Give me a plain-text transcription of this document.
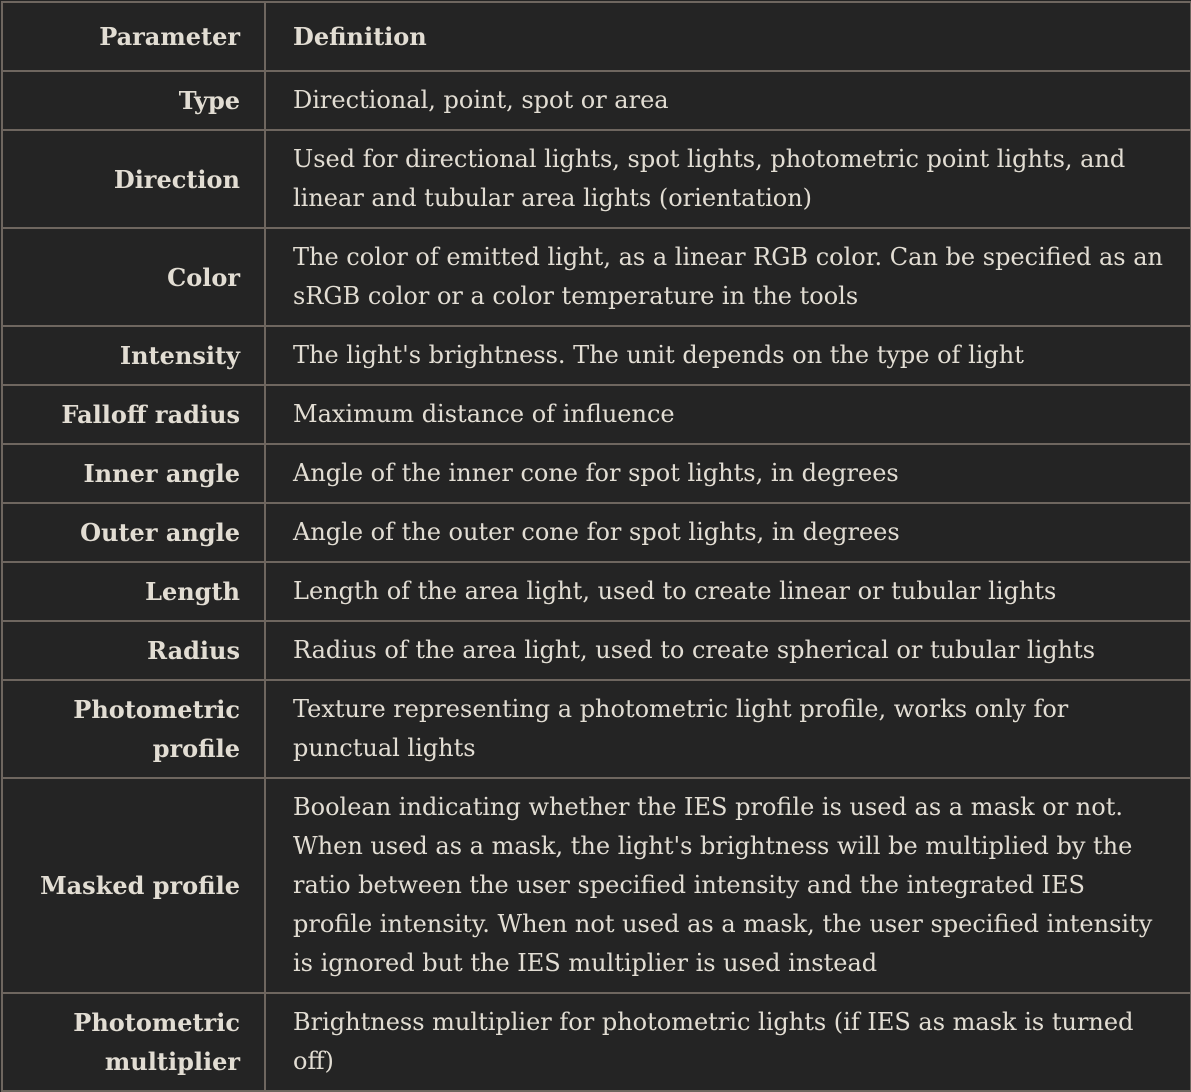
Parameter	Definition
Type	Directional, point, spot or area
Direction	Used for directional lights, spot lights, photometric point lights, and linear and tubular area lights (orientation)
Color	The color of emitted light, as a linear RGB color. Can be specified as an sRGB color or a color temperature in the tools
Intensity	The light's brightness. The unit depends on the type of light
Falloff radius	Maximum distance of influence
Inner angle	Angle of the inner cone for spot lights, in degrees
Outer angle	Angle of the outer cone for spot lights, in degrees
Length	Length of the area light, used to create linear or tubular lights
Radius	Radius of the area light, used to create spherical or tubular lights
Photometric profile	Texture representing a photometric light profile, works only for punctual lights
Masked profile	Boolean indicating whether the IES profile is used as a mask or not. When used as a mask, the light's brightness will be multiplied by the ratio between the user specified intensity and the integrated IES profile intensity. When not used as a mask, the user specified intensity is ignored but the IES multiplier is used instead
Photometric multiplier	Brightness multiplier for photometric lights (if IES as mask is turned off)
